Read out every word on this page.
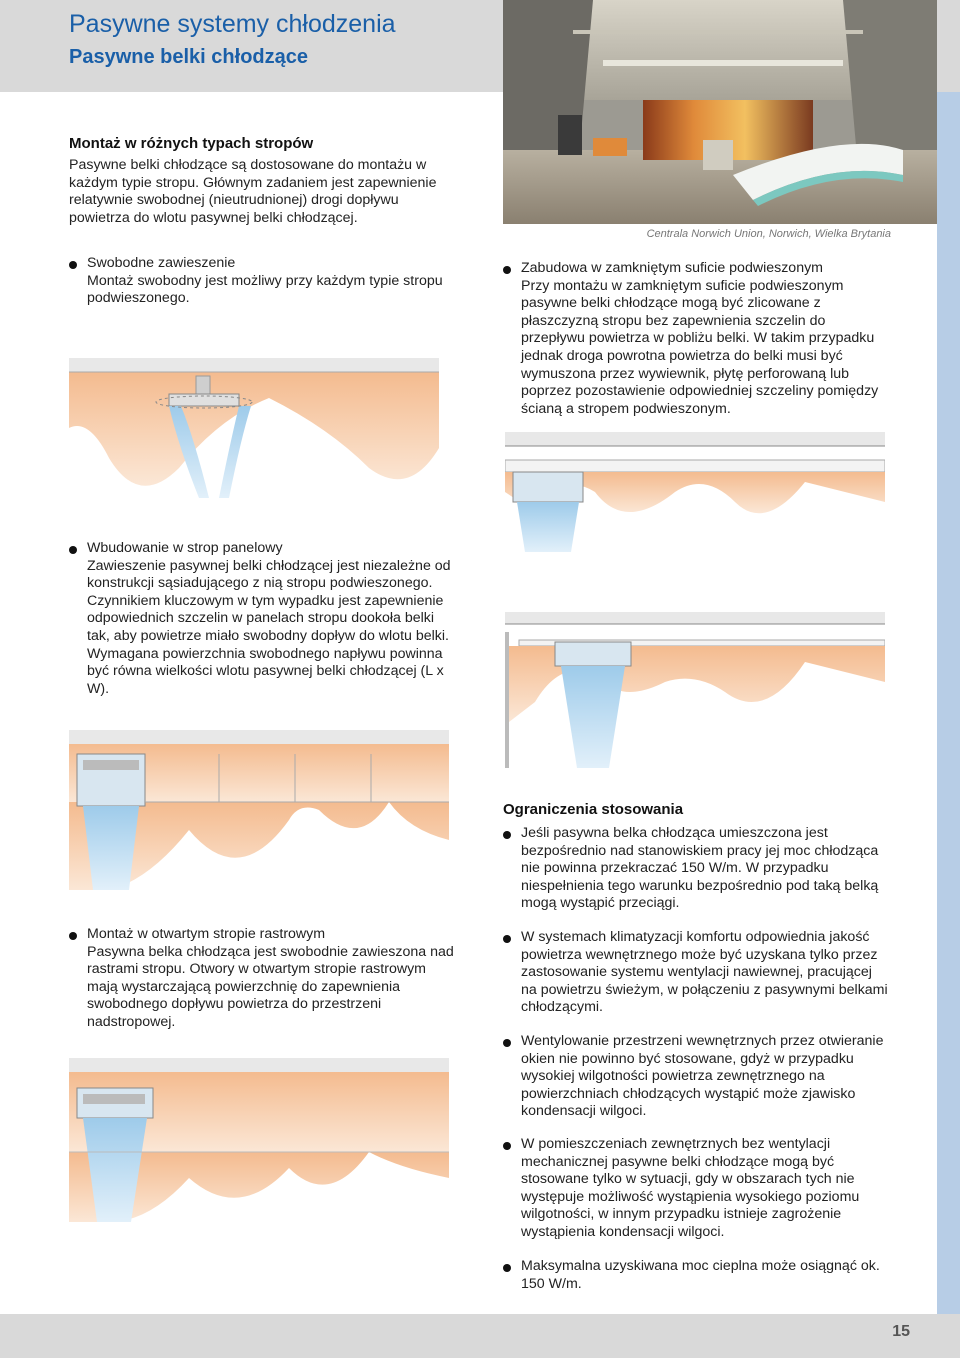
Pasywne systemy chłodzenia
Pasywne belki chłodzące
15
Centrala Norwich Union, Norwich, Wielka Brytania
Montaż w różnych typach stropów
Pasywne belki chłodzące są dostosowane do montażu w każdym typie stropu. Głównym zadaniem jest zapewnienie relatywnie swobodnej (nieutrudnionej) drogi dopływu powietrza do wlotu pasywnej belki chłodzącej.
Swobodne zawieszenie
Montaż swobodny jest możliwy przy każdym typie stropu podwieszonego.
Wbudowanie w strop panelowy
Zawieszenie pasywnej belki chłodzącej jest niezależne od konstrukcji sąsiadującego z nią stropu podwieszonego. Czynnikiem kluczowym w tym wypadku jest zapewnienie odpowiednich szczelin w panelach stropu dookoła belki tak, aby powietrze miało swobodny dopływ do wlotu belki. Wymagana powierzchnia swobodnego napływu powinna być równa wielkości wlotu pasywnej belki chłodzącej (L x W).
Montaż w otwartym stropie rastrowym
Pasywna belka chłodząca jest swobodnie zawieszona nad rastrami stropu. Otwory w otwartym stropie rastrowym mają wystarczającą powierzchnię do zapewnienia swobodnego dopływu powietrza do przestrzeni nadstropowej.
Zabudowa w zamkniętym suficie podwieszonym
Przy montażu w zamkniętym suficie podwieszonym pasywne belki chłodzące mogą być zlicowane z płaszczyzną stropu bez zapewnienia szczelin do przepływu powietrza w pobliżu belki. W takim przypadku jednak droga powrotna powietrza do belki musi być wymuszona przez wywiewnik, płytę perforowaną lub poprzez pozostawienie odpowiedniej szczeliny pomiędzy ścianą a stropem podwieszonym.
Ograniczenia stosowania
Jeśli pasywna belka chłodząca umieszczona jest bezpośrednio nad stanowiskiem pracy jej moc chłodząca nie powinna przekraczać 150 W/m. W przypadku niespełnienia tego warunku bezpośrednio pod taką belką mogą wystąpić przeciągi.
W systemach klimatyzacji komfortu odpowiednia jakość powietrza wewnętrznego może być uzyskana tylko przez zastosowanie systemu wentylacji nawiewnej, pracującej na powietrzu świeżym, w połączeniu z pasywnymi belkami chłodzącymi.
Wentylowanie przestrzeni wewnętrznych przez otwieranie okien nie powinno być stosowane, gdyż w przypadku wysokiej wilgotności powietrza zewnętrznego na powierzchniach chłodzących wystąpić może zjawisko kondensacji wilgoci.
W pomieszczeniach zewnętrznych bez wentylacji mechanicznej pasywne belki chłodzące mogą być stosowane tylko w sytuacji, gdy w obszarach tych nie występuje możliwość wystąpienia wysokiego poziomu wilgotności, w innym przypadku istnieje zagrożenie wystąpienia kondensacji wilgoci.
Maksymalna uzyskiwana moc cieplna może osiągnąć ok. 150 W/m.
